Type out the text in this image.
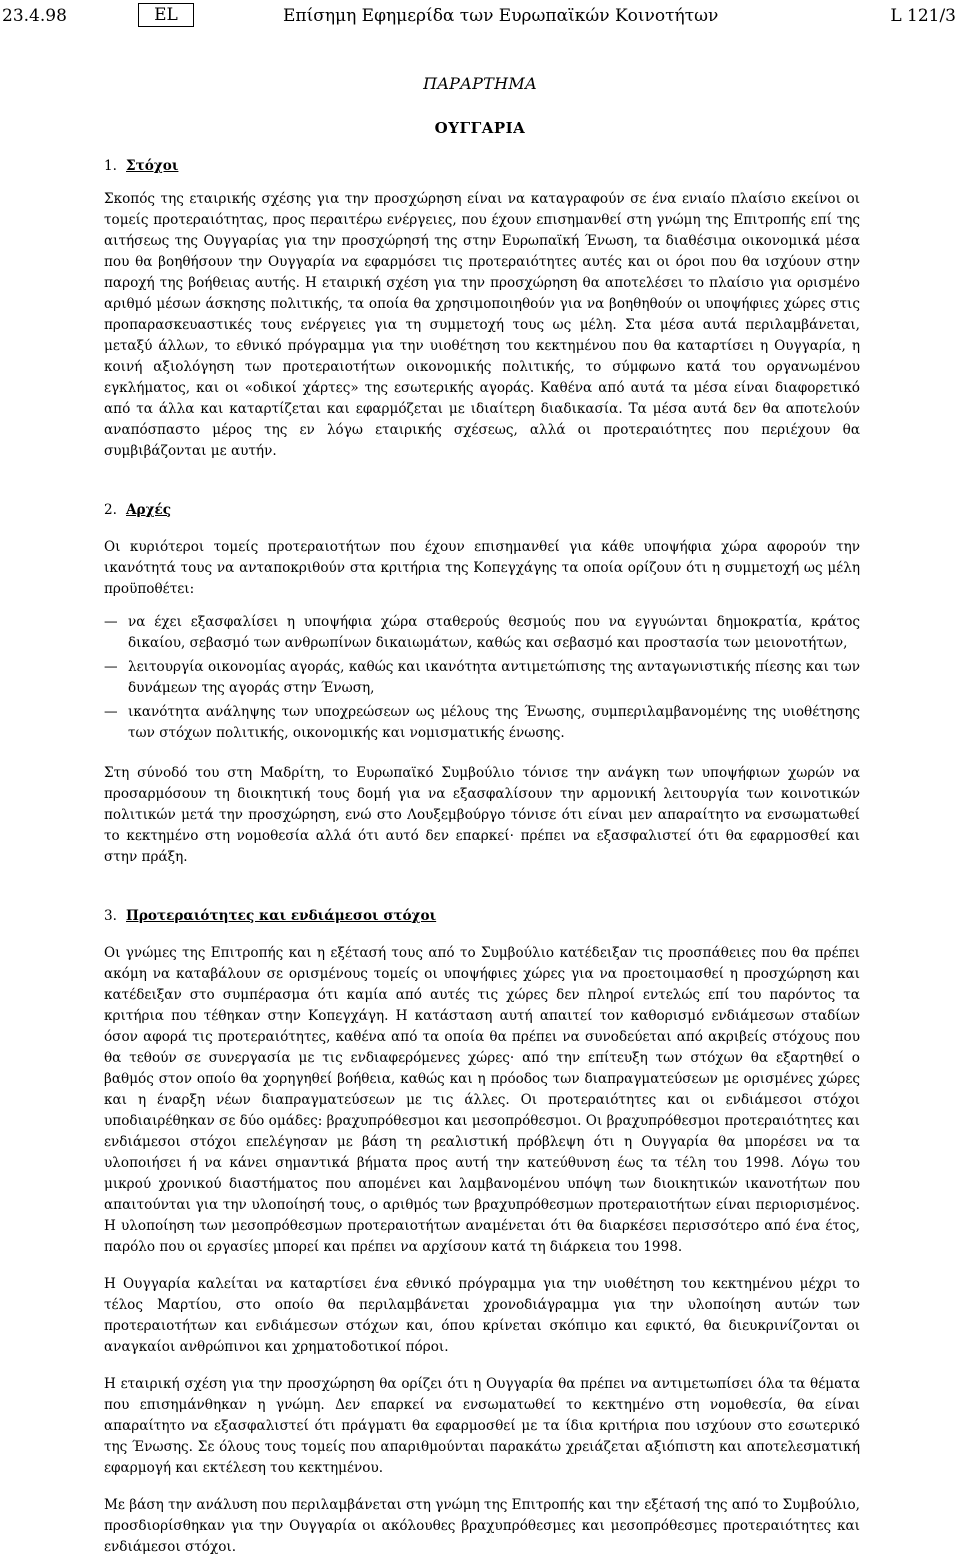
23.4.98	EL	Επίσημη Εφημερίδα των Ευρωπαϊκών Κοινοτήτων	L 121/3
ΠΑΡΑΡΤΗΜΑ
ΟΥΓΓΑΡΙΑ
1. Στόχοι

Σκοπός της εταιρικής σχέσης για την προσχώρηση είναι να καταγραφούν σε ένα ενιαίο πλαίσιο εκείνοι οι τομείς προτεραιότητας, προς περαιτέρω ενέργειες, που έχουν επισημανθεί στη γνώμη της Επιτροπής επί της αιτήσεως της Ουγγαρίας για την προσχώρησή της στην Ευρωπαϊκή Ένωση, τα διαθέσιμα οικονομικά μέσα που θα βοηθήσουν την Ουγγαρία να εφαρμόσει τις προτεραιότητες αυτές και οι όροι που θα ισχύουν στην παροχή της βοήθειας αυτής. Η εταιρική σχέση για την προσχώρηση θα αποτελέσει το πλαίσιο για ορισμένο αριθμό μέσων άσκησης πολιτικής, τα οποία θα χρησιμοποιηθούν για να βοηθηθούν οι υποψήφιες χώρες στις προπαρασκευαστικές τους ενέργειες για τη συμμετοχή τους ως μέλη. Στα μέσα αυτά περιλαμβάνεται, μεταξύ άλλων, το εθνικό πρόγραμμα για την υιοθέτηση του κεκτημένου που θα καταρτίσει η Ουγγαρία, η κοινή αξιολόγηση των προτεραιοτήτων οικονομικής πολιτικής, το σύμφωνο κατά του οργανωμένου εγκλήματος, και οι «οδικοί χάρτες» της εσωτερικής αγοράς. Καθένα από αυτά τα μέσα είναι διαφορετικό από τα άλλα και καταρτίζεται και εφαρμόζεται με ιδιαίτερη διαδικασία. Τα μέσα αυτά δεν θα αποτελούν αναπόσπαστο μέρος της εν λόγω εταιρικής σχέσεως, αλλά οι προτεραιότητες που περιέχουν θα συμβιβάζονται με αυτήν.

2. Αρχές

Οι κυριότεροι τομείς προτεραιοτήτων που έχουν επισημανθεί για κάθε υποψήφια χώρα αφορούν την ικανότητά τους να ανταποκριθούν στα κριτήρια της Κοπεγχάγης τα οποία ορίζουν ότι η συμμετοχή ως μέλη προϋποθέτει:

— να έχει εξασφαλίσει η υποψήφια χώρα σταθερούς θεσμούς που να εγγυώνται δημοκρατία, κράτος δικαίου, σεβασμό των ανθρωπίνων δικαιωμάτων, καθώς και σεβασμό και προστασία των μειονοτήτων,
— λειτουργία οικονομίας αγοράς, καθώς και ικανότητα αντιμετώπισης της ανταγωνιστικής πίεσης και των δυνάμεων της αγοράς στην Ένωση,
— ικανότητα ανάληψης των υποχρεώσεων ως μέλους της Ένωσης, συμπεριλαμβανομένης της υιοθέτησης των στόχων πολιτικής, οικονομικής και νομισματικής ένωσης.

Στη σύνοδό του στη Μαδρίτη, το Ευρωπαϊκό Συμβούλιο τόνισε την ανάγκη των υποψήφιων χωρών να προσαρμόσουν τη διοικητική τους δομή για να εξασφαλίσουν την αρμονική λειτουργία των κοινοτικών πολιτικών μετά την προσχώρηση, ενώ στο Λουξεμβούργο τόνισε ότι είναι μεν απαραίτητο να ενσωματωθεί το κεκτημένο στη νομοθεσία αλλά ότι αυτό δεν επαρκεί· πρέπει να εξασφαλιστεί ότι θα εφαρμοσθεί και στην πράξη.

3. Προτεραιότητες και ενδιάμεσοι στόχοι

Οι γνώμες της Επιτροπής και η εξέτασή τους από το Συμβούλιο κατέδειξαν τις προσπάθειες που θα πρέπει ακόμη να καταβάλουν σε ορισμένους τομείς οι υποψήφιες χώρες για να προετοιμασθεί η προσχώρηση και κατέδειξαν στο συμπέρασμα ότι καμία από αυτές τις χώρες δεν πληροί εντελώς επί του παρόντος τα κριτήρια που τέθηκαν στην Κοπεγχάγη. Η κατάσταση αυτή απαιτεί τον καθορισμό ενδιάμεσων σταδίων όσον αφορά τις προτεραιότητες, καθένα από τα οποία θα πρέπει να συνοδεύεται από ακριβείς στόχους που θα τεθούν σε συνεργασία με τις ενδιαφερόμενες χώρες· από την επίτευξη των στόχων θα εξαρτηθεί ο βαθμός στον οποίο θα χορηγηθεί βοήθεια, καθώς και η πρόοδος των διαπραγματεύσεων με ορισμένες χώρες και η έναρξη νέων διαπραγματεύσεων με τις άλλες. Οι προτεραιότητες και οι ενδιάμεσοι στόχοι υποδιαιρέθηκαν σε δύο ομάδες: βραχυπρόθεσμοι και μεσοπρόθεσμοι. Οι βραχυπρόθεσμοι προτεραιότητες και ενδιάμεσοι στόχοι επελέγησαν με βάση τη ρεαλιστική πρόβλεψη ότι η Ουγγαρία θα μπορέσει να τα υλοποιήσει ή να κάνει σημαντικά βήματα προς αυτή την κατεύθυνση έως τα τέλη του 1998. Λόγω του μικρού χρονικού διαστήματος που απομένει και λαμβανομένου υπόψη των διοικητικών ικανοτήτων που απαιτούνται για την υλοποίησή τους, ο αριθμός των βραχυπρόθεσμων προτεραιοτήτων είναι περιορισμένος. Η υλοποίηση των μεσοπρόθεσμων προτεραιοτήτων αναμένεται ότι θα διαρκέσει περισσότερο από ένα έτος, παρόλο που οι εργασίες μπορεί και πρέπει να αρχίσουν κατά τη διάρκεια του 1998.

Η Ουγγαρία καλείται να καταρτίσει ένα εθνικό πρόγραμμα για την υιοθέτηση του κεκτημένου μέχρι το τέλος Μαρτίου, στο οποίο θα περιλαμβάνεται χρονοδιάγραμμα για την υλοποίηση αυτών των προτεραιοτήτων και ενδιάμεσων στόχων και, όπου κρίνεται σκόπιμο και εφικτό, θα διευκρινίζονται οι αναγκαίοι ανθρώπινοι και χρηματοδοτικοί πόροι.

Η εταιρική σχέση για την προσχώρηση θα ορίζει ότι η Ουγγαρία θα πρέπει να αντιμετωπίσει όλα τα θέματα που επισημάνθηκαν η γνώμη. Δεν επαρκεί να ενσωματωθεί το κεκτημένο στη νομοθεσία, θα είναι απαραίτητο να εξασφαλιστεί ότι πράγματι θα εφαρμοσθεί με τα ίδια κριτήρια που ισχύουν στο εσωτερικό της Ένωσης. Σε όλους τους τομείς που απαριθμούνται παρακάτω χρειάζεται αξιόπιστη και αποτελεσματική εφαρμογή και εκτέλεση του κεκτημένου.

Με βάση την ανάλυση που περιλαμβάνεται στη γνώμη της Επιτροπής και την εξέτασή της από το Συμβούλιο, προσδιορίσθηκαν για την Ουγγαρία οι ακόλουθες βραχυπρόθεσμες και μεσοπρόθεσμες προτεραιότητες και ενδιάμεσοι στόχοι.
